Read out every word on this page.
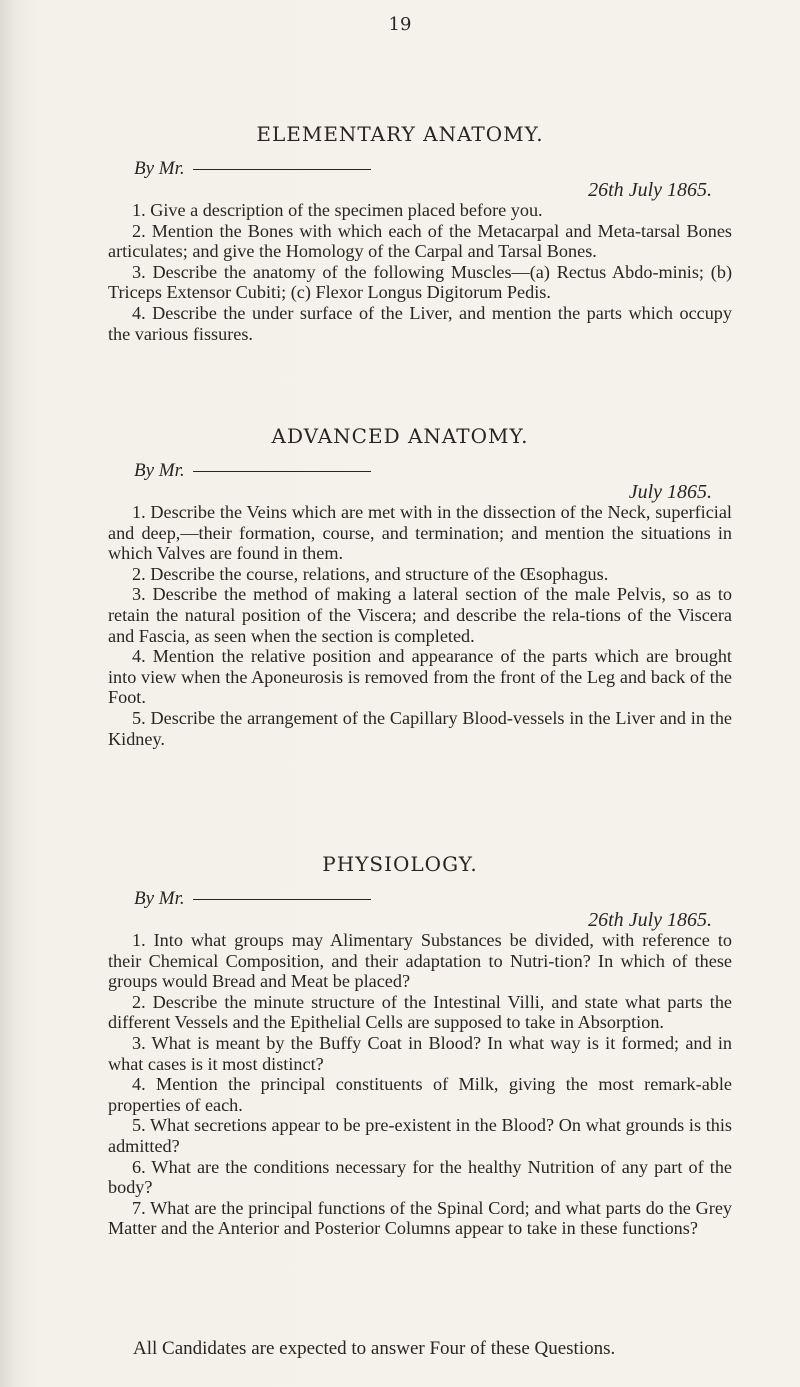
19
ELEMENTARY ANATOMY.
By Mr.
26th July 1865.
1. Give a description of the specimen placed before you.
2. Mention the Bones with which each of the Metacarpal and Meta-tarsal Bones articulates; and give the Homology of the Carpal and Tarsal Bones.
3. Describe the anatomy of the following Muscles—(a) Rectus Abdo-minis; (b) Triceps Extensor Cubiti; (c) Flexor Longus Digitorum Pedis.
4. Describe the under surface of the Liver, and mention the parts which occupy the various fissures.
ADVANCED ANATOMY.
By Mr.
July 1865.
1. Describe the Veins which are met with in the dissection of the Neck, superficial and deep,—their formation, course, and termination; and mention the situations in which Valves are found in them.
2. Describe the course, relations, and structure of the Œsophagus.
3. Describe the method of making a lateral section of the male Pelvis, so as to retain the natural position of the Viscera; and describe the rela-tions of the Viscera and Fascia, as seen when the section is completed.
4. Mention the relative position and appearance of the parts which are brought into view when the Aponeurosis is removed from the front of the Leg and back of the Foot.
5. Describe the arrangement of the Capillary Blood-vessels in the Liver and in the Kidney.
PHYSIOLOGY.
By Mr.
26th July 1865.
1. Into what groups may Alimentary Substances be divided, with reference to their Chemical Composition, and their adaptation to Nutri-tion? In which of these groups would Bread and Meat be placed?
2. Describe the minute structure of the Intestinal Villi, and state what parts the different Vessels and the Epithelial Cells are supposed to take in Absorption.
3. What is meant by the Buffy Coat in Blood? In what way is it formed; and in what cases is it most distinct?
4. Mention the principal constituents of Milk, giving the most remark-able properties of each.
5. What secretions appear to be pre-existent in the Blood? On what grounds is this admitted?
6. What are the conditions necessary for the healthy Nutrition of any part of the body?
7. What are the principal functions of the Spinal Cord; and what parts do the Grey Matter and the Anterior and Posterior Columns appear to take in these functions?
All Candidates are expected to answer Four of these Questions.
